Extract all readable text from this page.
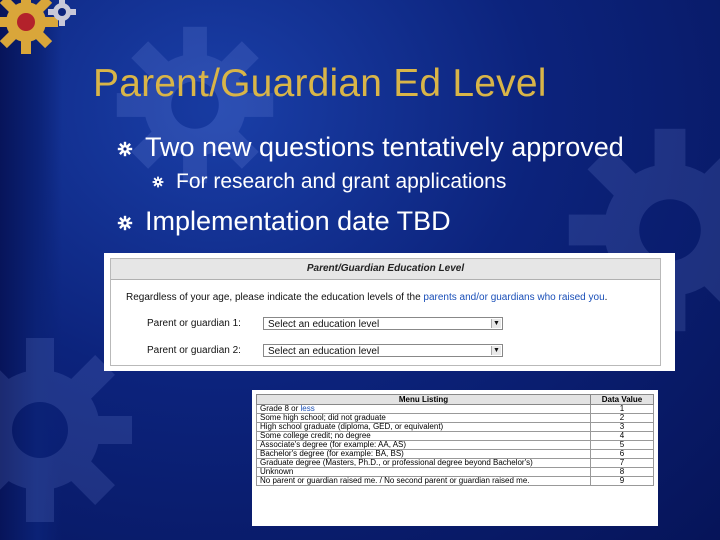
Parent/Guardian Ed Level
Two new questions tentatively approved
For research and grant applications
Implementation date TBD
Parent/Guardian Education Level
Regardless of your age, please indicate the education levels of the parents and/or guardians who raised you.
Parent or guardian 1:	Select an education level	▼
Parent or guardian 2:	Select an education level	▼
Menu Listing	Data Value
Grade 8 or less	1
Some high school; did not graduate	2
High school graduate (diploma, GED, or equivalent)	3
Some college credit; no degree	4
Associate's degree (for example: AA, AS)	5
Bachelor's degree (for example: BA, BS)	6
Graduate degree (Masters, Ph.D., or professional degree beyond Bachelor's)	7
Unknown	8
No parent or guardian raised me. / No second parent or guardian raised me.	9
